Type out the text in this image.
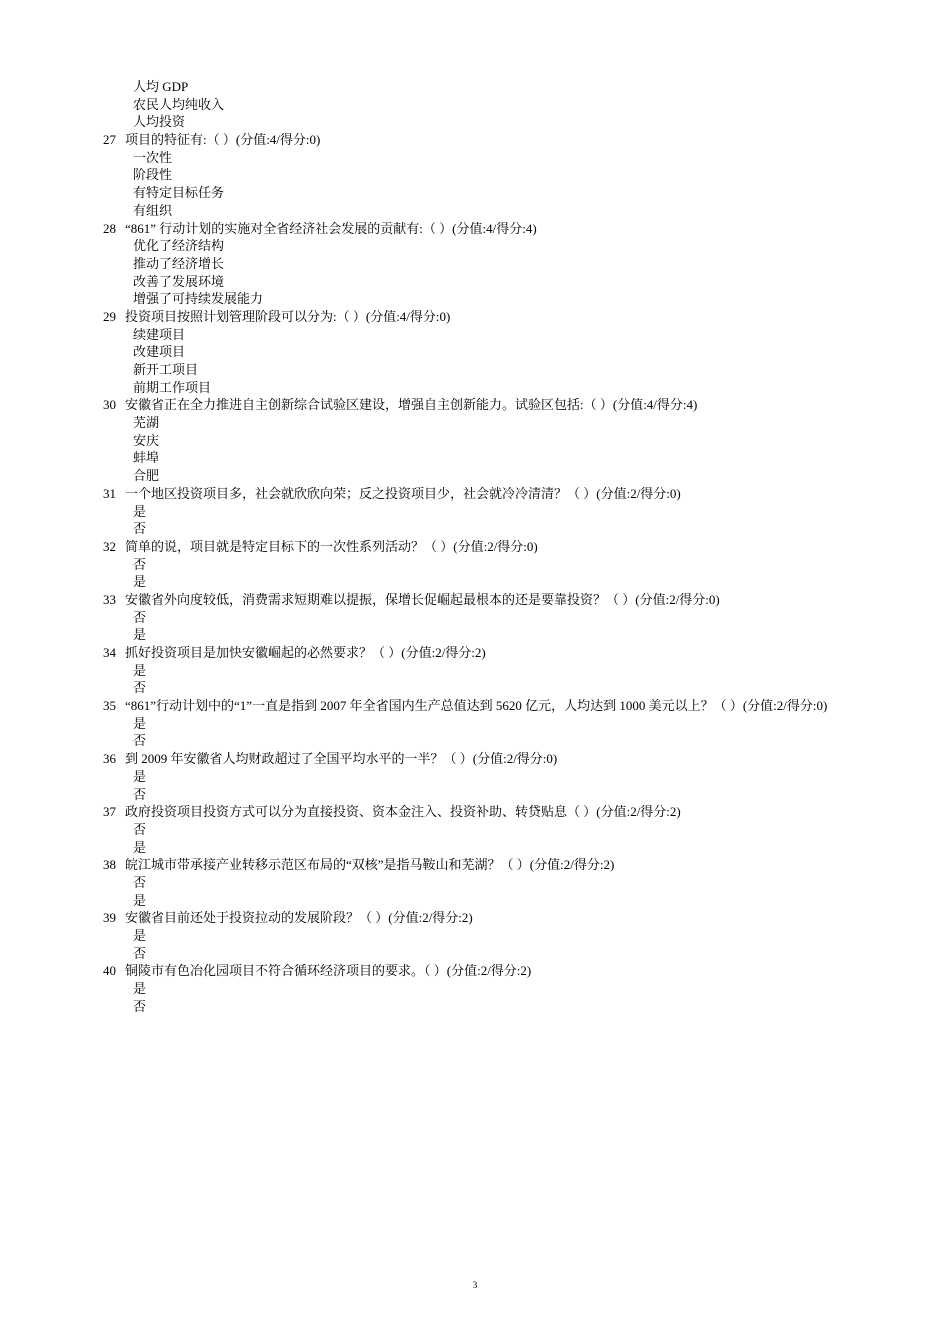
人均 GDP
农民人均纯收入
人均投资
27 项目的特征有:（ ）(分值:4/得分:0)
一次性
阶段性
有特定目标任务
有组织
28 “861” 行动计划的实施对全省经济社会发展的贡献有:（ ）(分值:4/得分:4)
优化了经济结构
推动了经济增长
改善了发展环境
增强了可持续发展能力
29 投资项目按照计划管理阶段可以分为:（ ）(分值:4/得分:0)
续建项目
改建项目
新开工项目
前期工作项目
30 安徽省正在全力推进自主创新综合试验区建设，增强自主创新能力。试验区包括:（ ）(分值:4/得分:4)
芜湖
安庆
蚌埠
合肥
31 一个地区投资项目多，社会就欣欣向荣；反之投资项目少，社会就冷冷清清？（ ）(分值:2/得分:0)
是
否
32 简单的说，项目就是特定目标下的一次性系列活动？（ ）(分值:2/得分:0)
否
是
33 安徽省外向度较低，消费需求短期难以提振，保增长促崛起最根本的还是要靠投资？（ ）(分值:2/得分:0)
否
是
34 抓好投资项目是加快安徽崛起的必然要求？（ ）(分值:2/得分:2)
是
否
35 “861”行动计划中的“1”一直是指到 2007 年全省国内生产总值达到 5620 亿元，人均达到 1000 美元以上？（ ）(分值:2/得分:0)
是
否
36 到 2009 年安徽省人均财政超过了全国平均水平的一半？（ ）(分值:2/得分:0)
是
否
37 政府投资项目投资方式可以分为直接投资、资本金注入、投资补助、转贷贴息（ ）(分值:2/得分:2)
否
是
38 皖江城市带承接产业转移示范区布局的“双核”是指马鞍山和芜湖？（ ）(分值:2/得分:2)
否
是
39 安徽省目前还处于投资拉动的发展阶段？（ ）(分值:2/得分:2)
是
否
40 铜陵市有色冶化园项目不符合循环经济项目的要求。（ ）(分值:2/得分:2)
是
否
3
